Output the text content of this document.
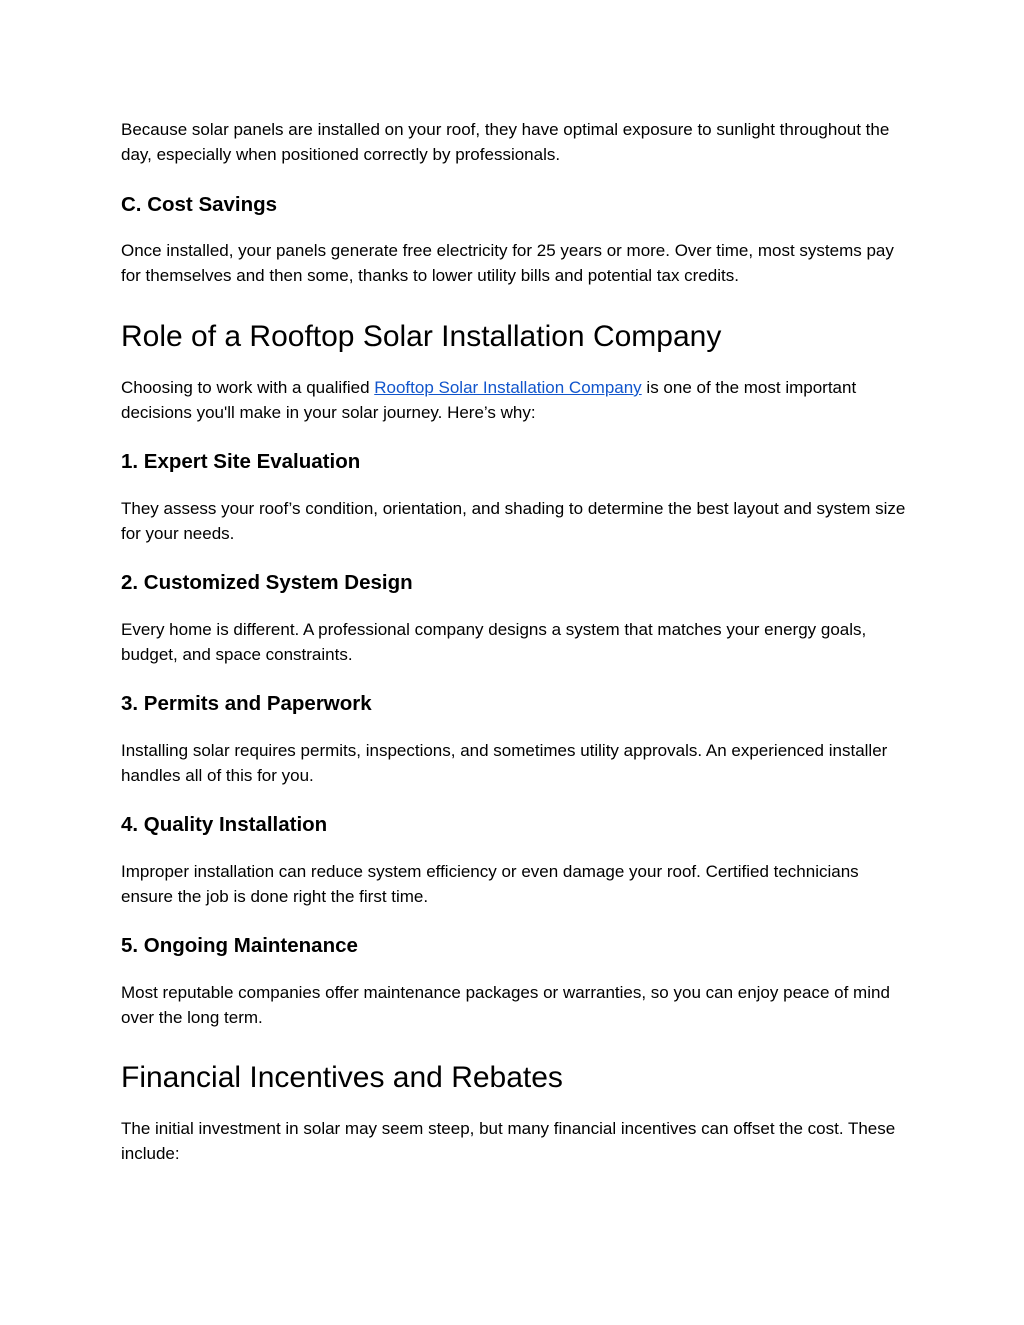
Because solar panels are installed on your roof, they have optimal exposure to sunlight throughout the day, especially when positioned correctly by professionals.

C. Cost Savings

Once installed, your panels generate free electricity for 25 years or more. Over time, most systems pay for themselves and then some, thanks to lower utility bills and potential tax credits.

Role of a Rooftop Solar Installation Company

Choosing to work with a qualified Rooftop Solar Installation Company is one of the most important decisions you'll make in your solar journey. Here’s why:

1. Expert Site Evaluation

They assess your roof’s condition, orientation, and shading to determine the best layout and system size for your needs.

2. Customized System Design

Every home is different. A professional company designs a system that matches your energy goals, budget, and space constraints.

3. Permits and Paperwork

Installing solar requires permits, inspections, and sometimes utility approvals. An experienced installer handles all of this for you.

4. Quality Installation

Improper installation can reduce system efficiency or even damage your roof. Certified technicians ensure the job is done right the first time.

5. Ongoing Maintenance

Most reputable companies offer maintenance packages or warranties, so you can enjoy peace of mind over the long term.

Financial Incentives and Rebates

The initial investment in solar may seem steep, but many financial incentives can offset the cost. These include:
